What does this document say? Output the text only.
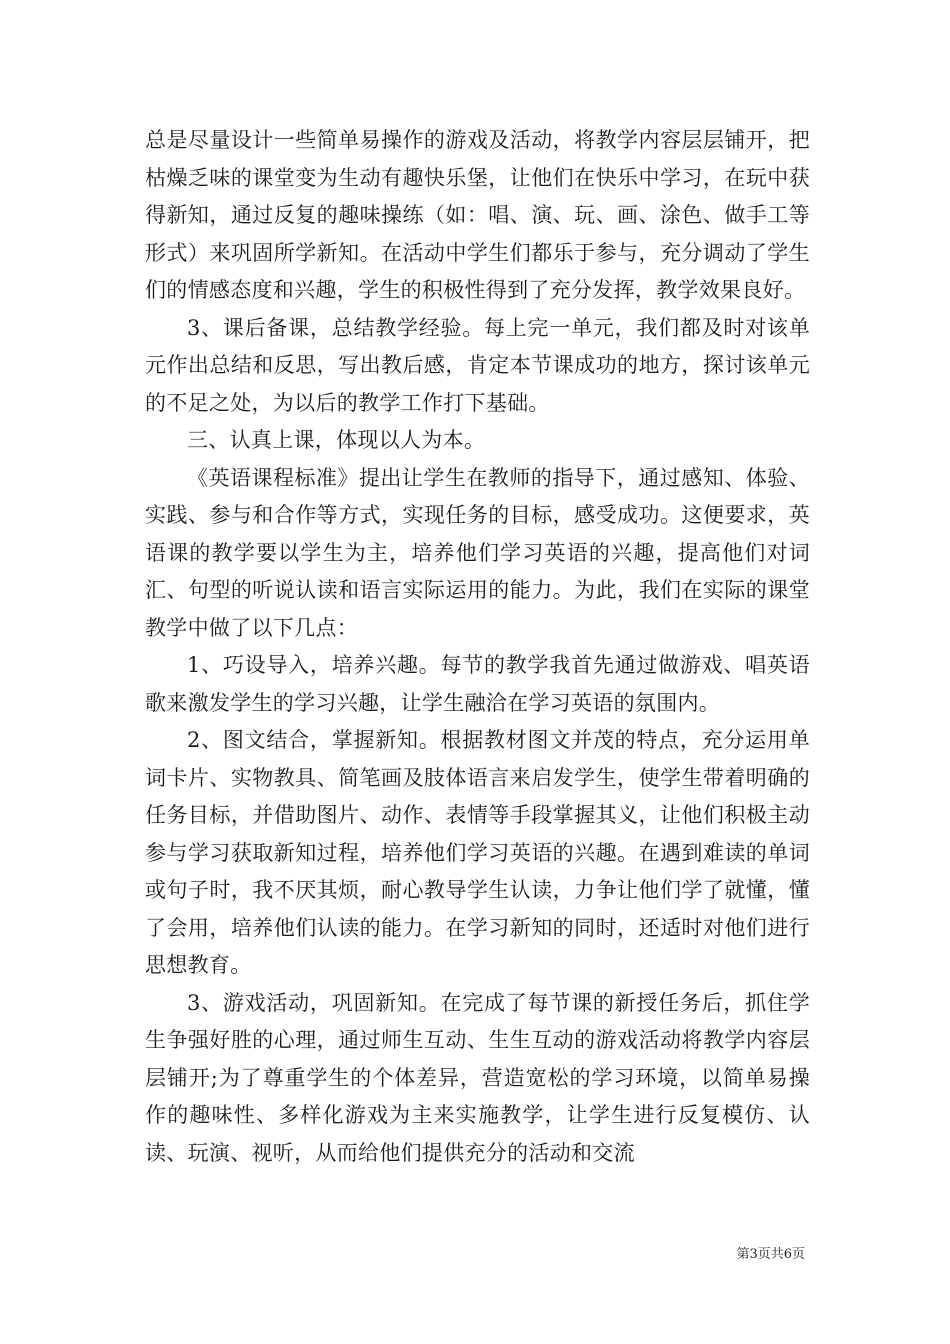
总是尽量设计一些简单易操作的游戏及活动，将教学内容层层铺开，把枯燥乏味的课堂变为生动有趣快乐堡，让他们在快乐中学习，在玩中获得新知，通过反复的趣味操练（如：唱、演、玩、画、涂色、做手工等形式）来巩固所学新知。在活动中学生们都乐于参与，充分调动了学生们的情感态度和兴趣，学生的积极性得到了充分发挥，教学效果良好。

3、课后备课，总结教学经验。每上完一单元，我们都及时对该单元作出总结和反思，写出教后感，肯定本节课成功的地方，探讨该单元的不足之处，为以后的教学工作打下基础。

三、认真上课，体现以人为本。

《英语课程标准》提出让学生在教师的指导下，通过感知、体验、实践、参与和合作等方式，实现任务的目标，感受成功。这便要求，英语课的教学要以学生为主，培养他们学习英语的兴趣，提高他们对词汇、句型的听说认读和语言实际运用的能力。为此，我们在实际的课堂教学中做了以下几点：

1、巧设导入，培养兴趣。每节的教学我首先通过做游戏、唱英语歌来激发学生的学习兴趣，让学生融洽在学习英语的氛围内。

2、图文结合，掌握新知。根据教材图文并茂的特点，充分运用单词卡片、实物教具、简笔画及肢体语言来启发学生，使学生带着明确的任务目标，并借助图片、动作、表情等手段掌握其义，让他们积极主动参与学习获取新知过程，培养他们学习英语的兴趣。在遇到难读的单词或句子时，我不厌其烦，耐心教导学生认读，力争让他们学了就懂，懂了会用，培养他们认读的能力。在学习新知的同时，还适时对他们进行思想教育。

3、游戏活动，巩固新知。在完成了每节课的新授任务后，抓住学生争强好胜的心理，通过师生互动、生生互动的游戏活动将教学内容层层铺开;为了尊重学生的个体差异，营造宽松的学习环境，以简单易操作的趣味性、多样化游戏为主来实施教学，让学生进行反复模仿、认读、玩演、视听，从而给他们提供充分的活动和交流

第3页共6页
